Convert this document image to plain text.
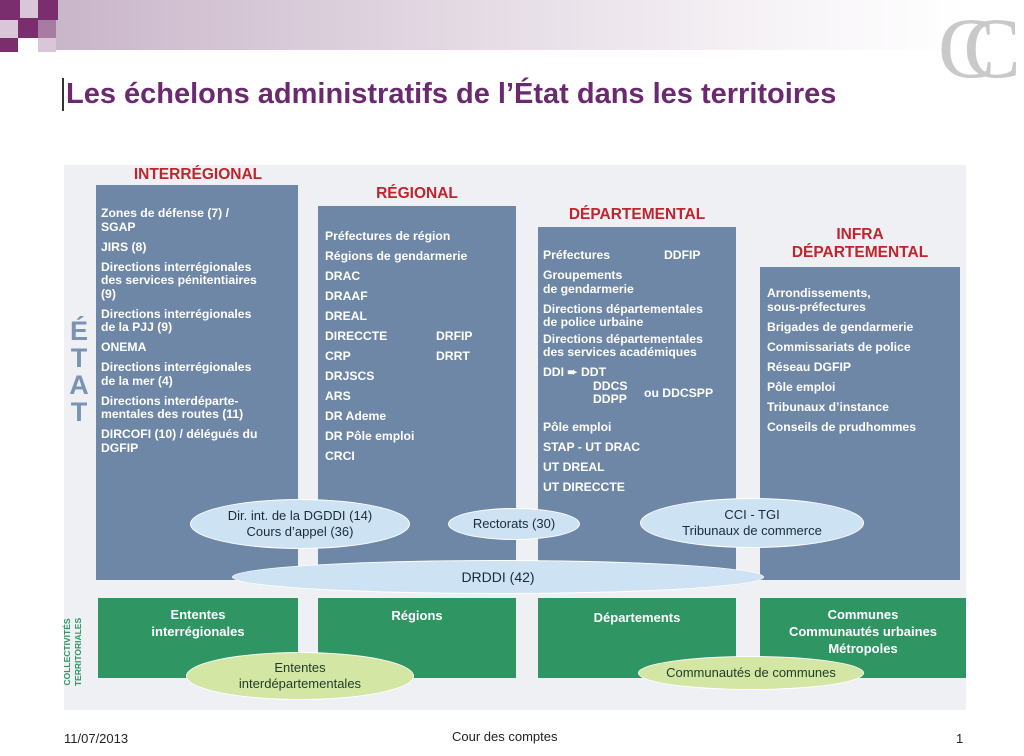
CC
Les échelons administratifs de l’État dans les territoires
É
T
A
T
INTERRÉGIONAL
RÉGIONAL
DÉPARTEMENTAL
INFRA
DÉPARTEMENTAL
Zones de défense (7) /
SGAP
JIRS (8)
Directions interrégionales
des services pénitentiaires
(9)
Directions interrégionales
de la PJJ (9)
ONEMA
Directions interrégionales
de la mer (4)
Directions interdéparte-
mentales des routes (11)
DIRCOFI (10) / délégués du
DGFIP
Préfectures de région
Régions de gendarmerie
DRAC
DRAAF
DREAL
DIRECCTE	DRFIP
CRP	DRRT
DRJSCS
ARS
DR Ademe
DR Pôle emploi
CRCI
Préfectures	DDFIP
Groupements
de gendarmerie
Directions départementales
de police urbaine
Directions départementales
des services académiques
DDI ➨ DDT
DDCS ou DDCSPP
DDPP
Pôle emploi
STAP - UT DRAC
UT DREAL
UT DIRECCTE
Arrondissements,
sous-préfectures
Brigades de gendarmerie
Commissariats de police
Réseau DGFIP
Pôle emploi
Tribunaux d’instance
Conseils de prudhommes
DRDDI (42)
Dir. int. de la DGDDI (14)
Cours d’appel (36)
Rectorats (30)
CCI - TGI
Tribunaux de commerce
COLLECTIVITÉS TERRITORIALES
Ententes
interrégionales
Régions	Départements	Communes
Communautés urbaines
Métropoles
Ententes
interdépartementales
Communautés de communes
11/07/2013	Cour des comptes	1
